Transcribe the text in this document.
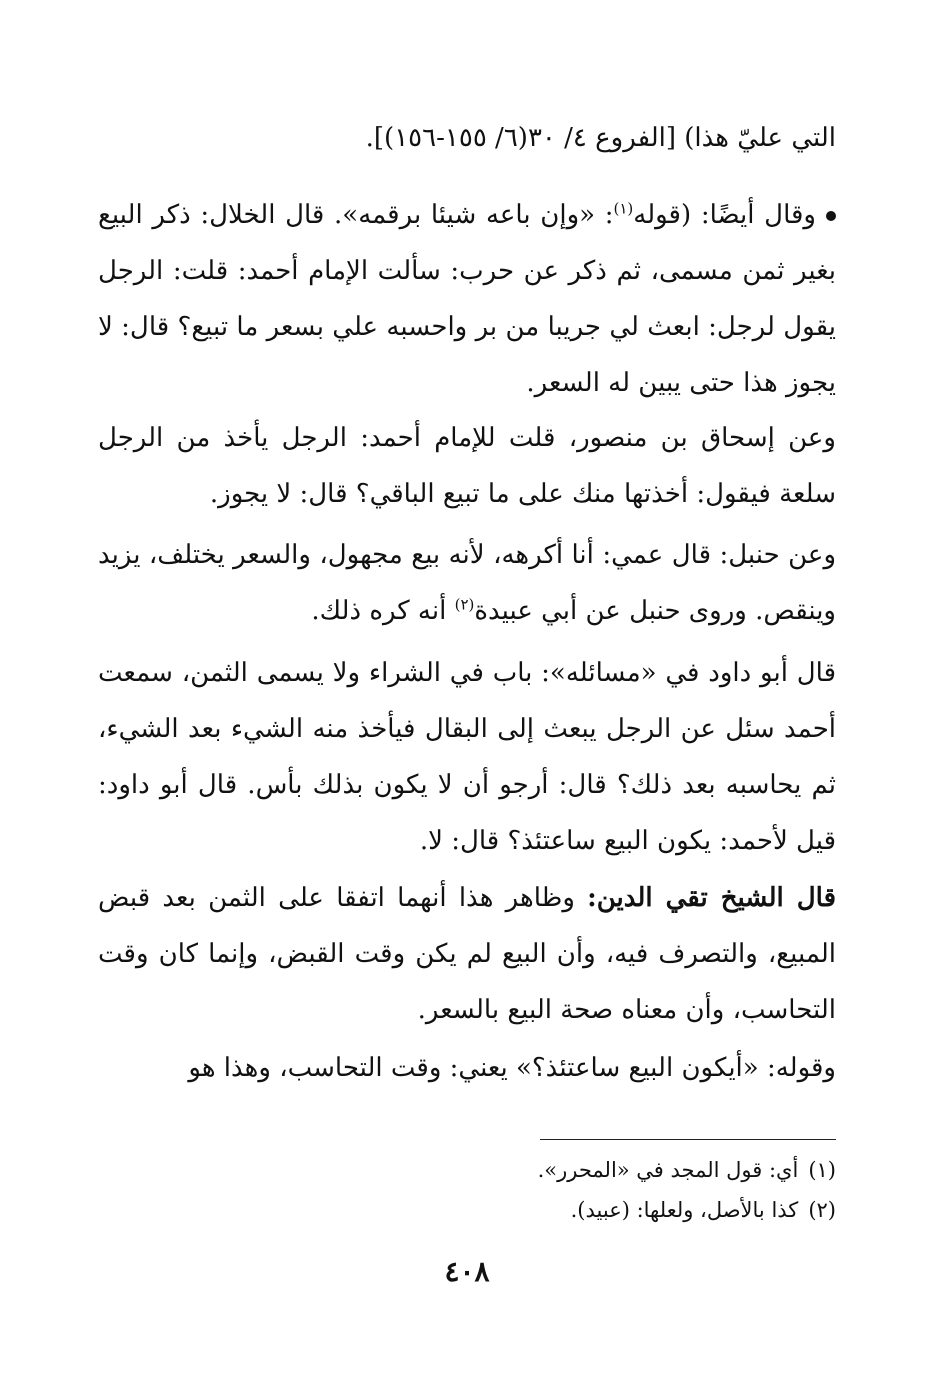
التي عليّ هذا) [الفروع ٤/ ٣٠(٦/ ١٥٥-١٥٦)].

وقال أيضًا: (قوله$^{(١)}$: «وإن باعه شيئا برقمه». قال الخلال: ذكر البيع بغير ثمن مسمى، ثم ذكر عن حرب: سألت الإمام أحمد: قلت: الرجل يقول لرجل: ابعث لي جريبا من بر واحسبه علي بسعر ما تبيع؟ قال: لا يجوز هذا حتى يبين له السعر.

وعن إسحاق بن منصور، قلت للإمام أحمد: الرجل يأخذ من الرجل سلعة فيقول: أخذتها منك على ما تبيع الباقي؟ قال: لا يجوز.

وعن حنبل: قال عمي: أنا أكرهه، لأنه بيع مجهول، والسعر يختلف، يزيد وينقص. وروى حنبل عن أبي عبيدة$^{(٢)}$ أنه كره ذلك.

قال أبو داود في «مسائله»: باب في الشراء ولا يسمى الثمن، سمعت أحمد سئل عن الرجل يبعث إلى البقال فيأخذ منه الشيء بعد الشيء، ثم يحاسبه بعد ذلك؟ قال: أرجو أن لا يكون بذلك بأس. قال أبو داود: قيل لأحمد: يكون البيع ساعتئذ؟ قال: لا.

قال الشيخ تقي الدين: وظاهر هذا أنهما اتفقا على الثمن بعد قبض المبيع، والتصرف فيه، وأن البيع لم يكن وقت القبض، وإنما كان وقت التحاسب، وأن معناه صحة البيع بالسعر.

وقوله: «أيكون البيع ساعتئذ؟» يعني: وقت التحاسب، وهذا هو

(١)أي: قول المجد في «المحرر».

(٢)كذا بالأصل، ولعلها: (عبيد).

٤٠٨
